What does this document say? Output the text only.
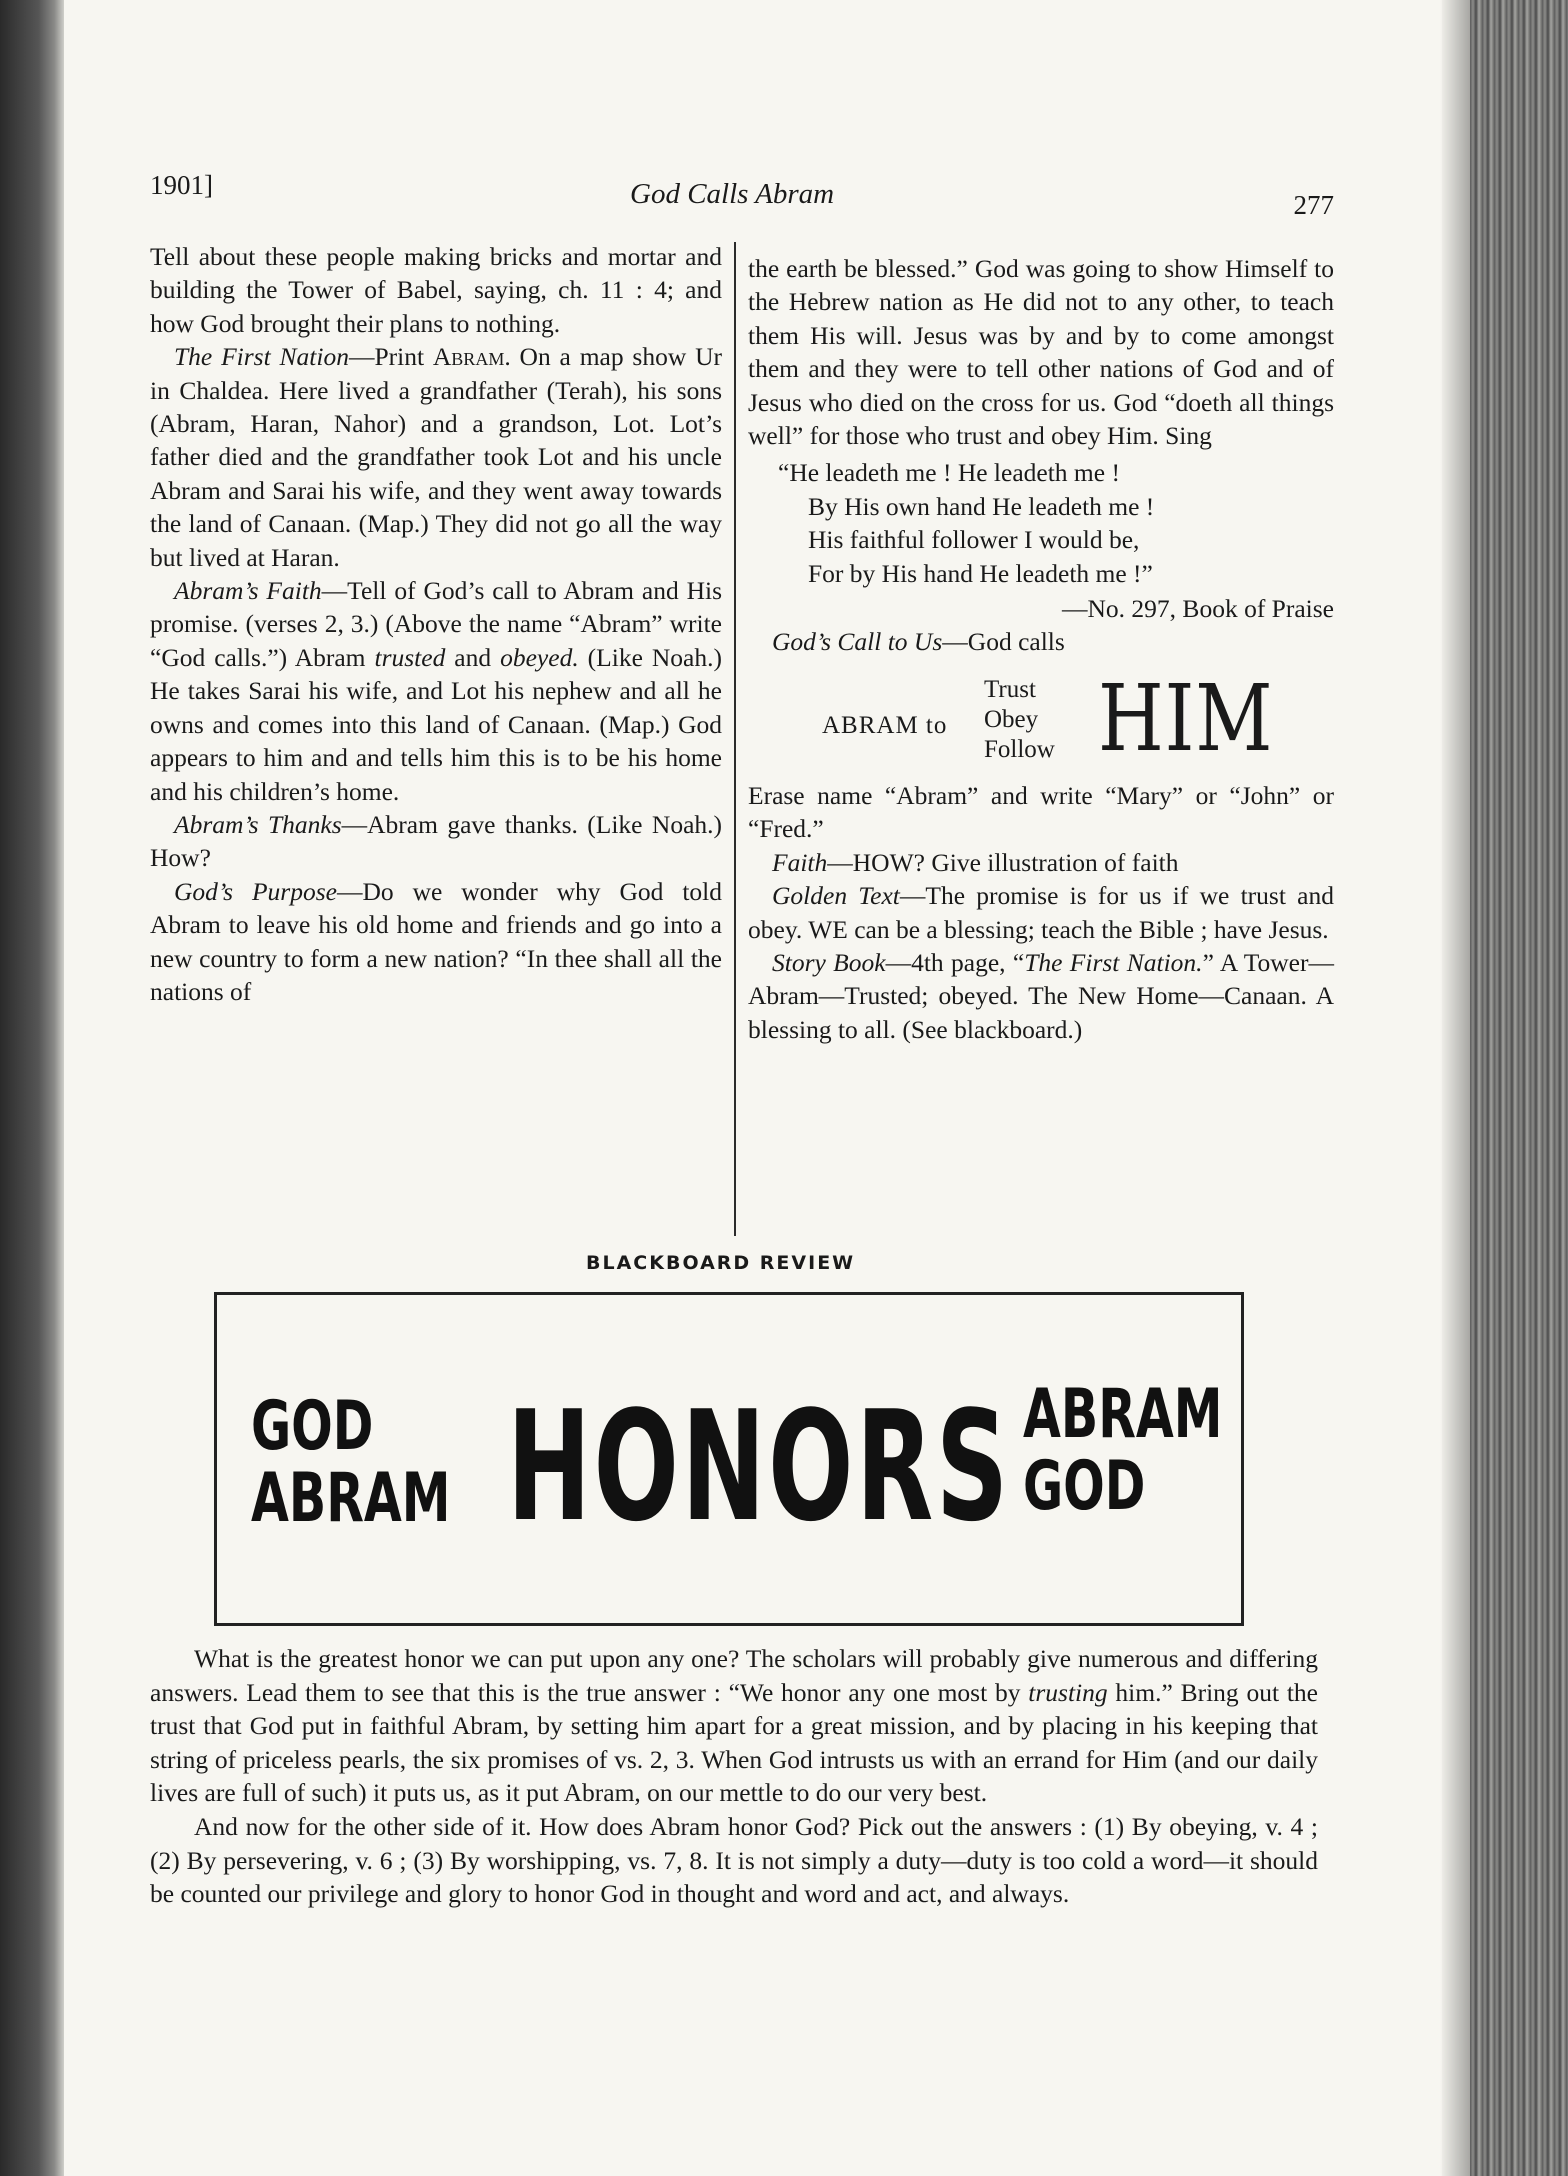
1901]	God Calls Abram	277

Tell about these people making bricks and mortar and building the Tower of Babel, saying, ch. 11 : 4; and how God brought their plans to nothing.

The First Nation—Print Abram. On a map show Ur in Chaldea. Here lived a grandfather (Terah), his sons (Abram, Haran, Nahor) and a grandson, Lot. Lot’s father died and the grandfather took Lot and his uncle Abram and Sarai his wife, and they went away towards the land of Canaan. (Map.) They did not go all the way but lived at Haran.

Abram’s Faith—Tell of God’s call to Abram and His promise. (verses 2, 3.) (Above the name “Abram” write “God calls.”) Abram trusted and obeyed. (Like Noah.) He takes Sarai his wife, and Lot his nephew and all he owns and comes into this land of Canaan. (Map.) God appears to him and and tells him this is to be his home and his children’s home.

Abram’s Thanks—Abram gave thanks. (Like Noah.) How?

God’s Purpose—Do we wonder why God told Abram to leave his old home and friends and go into a new country to form a new nation? “In thee shall all the nations of

the earth be blessed.” God was going to show Himself to the Hebrew nation as He did not to any other, to teach them His will. Jesus was by and by to come amongst them and they were to tell other nations of God and of Jesus who died on the cross for us. God “doeth all things well” for those who trust and obey Him. Sing

“He leadeth me ! He leadeth me !
By His own hand He leadeth me !
His faithful follower I would be,
For by His hand He leadeth me !”
—No. 297, Book of Praise

God’s Call to Us—God calls

ABRAM to
Trust
Obey
Follow HIM

Erase name “Abram” and write “Mary” or “John” or “Fred.”

Faith—HOW? Give illustration of faith

Golden Text—The promise is for us if we trust and obey. WE can be a blessing; teach the Bible ; have Jesus.

Story Book—4th page, “The First Nation.” A Tower—Abram—Trusted; obeyed. The New Home—Canaan. A blessing to all. (See blackboard.)

BLACKBOARD REVIEW
GOD
ABRAM HONORS ABRAM
GOD

What is the greatest honor we can put upon any one? The scholars will probably give numerous and differing answers. Lead them to see that this is the true answer : “We honor any one most by trusting him.” Bring out the trust that God put in faithful Abram, by setting him apart for a great mission, and by placing in his keeping that string of priceless pearls, the six promises of vs. 2, 3. When God intrusts us with an errand for Him (and our daily lives are full of such) it puts us, as it put Abram, on our mettle to do our very best.

And now for the other side of it. How does Abram honor God? Pick out the answers : (1) By obeying, v. 4 ; (2) By persevering, v. 6 ; (3) By worshipping, vs. 7, 8. It is not simply a duty—duty is too cold a word—it should be counted our privilege and glory to honor God in thought and word and act, and always.
